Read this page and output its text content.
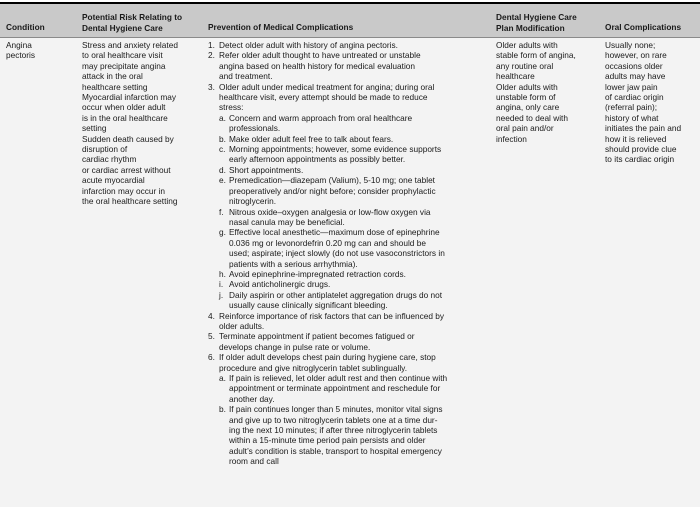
Condition
Potential Risk Relating to
Dental Hygiene Care	Prevention of Medical Complications
Dental Hygiene Care
Plan Modification	Oral Complications
Angina
pectoris
Stress and anxiety related
to oral healthcare visit
may precipitate angina
attack in the oral
healthcare setting
Myocardial infarction may
occur when older adult
is in the oral healthcare
setting
Sudden death caused by
disruption of
cardiac rhythm
or cardiac arrest without
acute myocardial
infarction may occur in
the oral healthcare setting
1. Detect older adult with history of angina pectoris.
2. Refer older adult thought to have untreated or unstable
angina based on health history for medical evaluation
and treatment.
3. Older adult under medical treatment for angina; during oral
healthcare visit, every attempt should be made to reduce
stress:
a. Concern and warm approach from oral healthcare
professionals.
b. Make older adult feel free to talk about fears.
c. Morning appointments; however, some evidence supports
early afternoon appointments as possibly better.
d. Short appointments.
e. Premedication—diazepam (Valium), 5-10 mg; one tablet
preoperatively and/or night before; consider prophylactic
nitroglycerin.
f. Nitrous oxide–oxygen analgesia or low-flow oxygen via
nasal canula may be beneficial.
g. Effective local anesthetic—maximum dose of epinephrine
0.036 mg or levonordefrin 0.20 mg can and should be
used; aspirate; inject slowly (do not use vasoconstrictors in
patients with a serious arrhythmia).
h. Avoid epinephrine-impregnated retraction cords.
i. Avoid anticholinergic drugs.
j. Daily aspirin or other antiplatelet aggregation drugs do not
usually cause clinically significant bleeding.
4. Reinforce importance of risk factors that can be influenced by
older adults.
5. Terminate appointment if patient becomes fatigued or
develops change in pulse rate or volume.
6. If older adult develops chest pain during hygiene care, stop
procedure and give nitroglycerin tablet sublingually.
a. If pain is relieved, let older adult rest and then continue with
appointment or terminate appointment and reschedule for
another day.
b. If pain continues longer than 5 minutes, monitor vital signs
and give up to two nitroglycerin tablets one at a time dur-
ing the next 10 minutes; if after three nitroglycerin tablets
within a 15-minute time period pain persists and older
adult’s condition is stable, transport to hospital emergency
room and call
Older adults with
stable form of angina,
any routine oral
healthcare
Older adults with
unstable form of
angina, only care
needed to deal with
oral pain and/or
infection
Usually none;
however, on rare
occasions older
adults may have
lower jaw pain
of cardiac origin
(referral pain);
history of what
initiates the pain and
how it is relieved
should provide clue
to its cardiac origin
